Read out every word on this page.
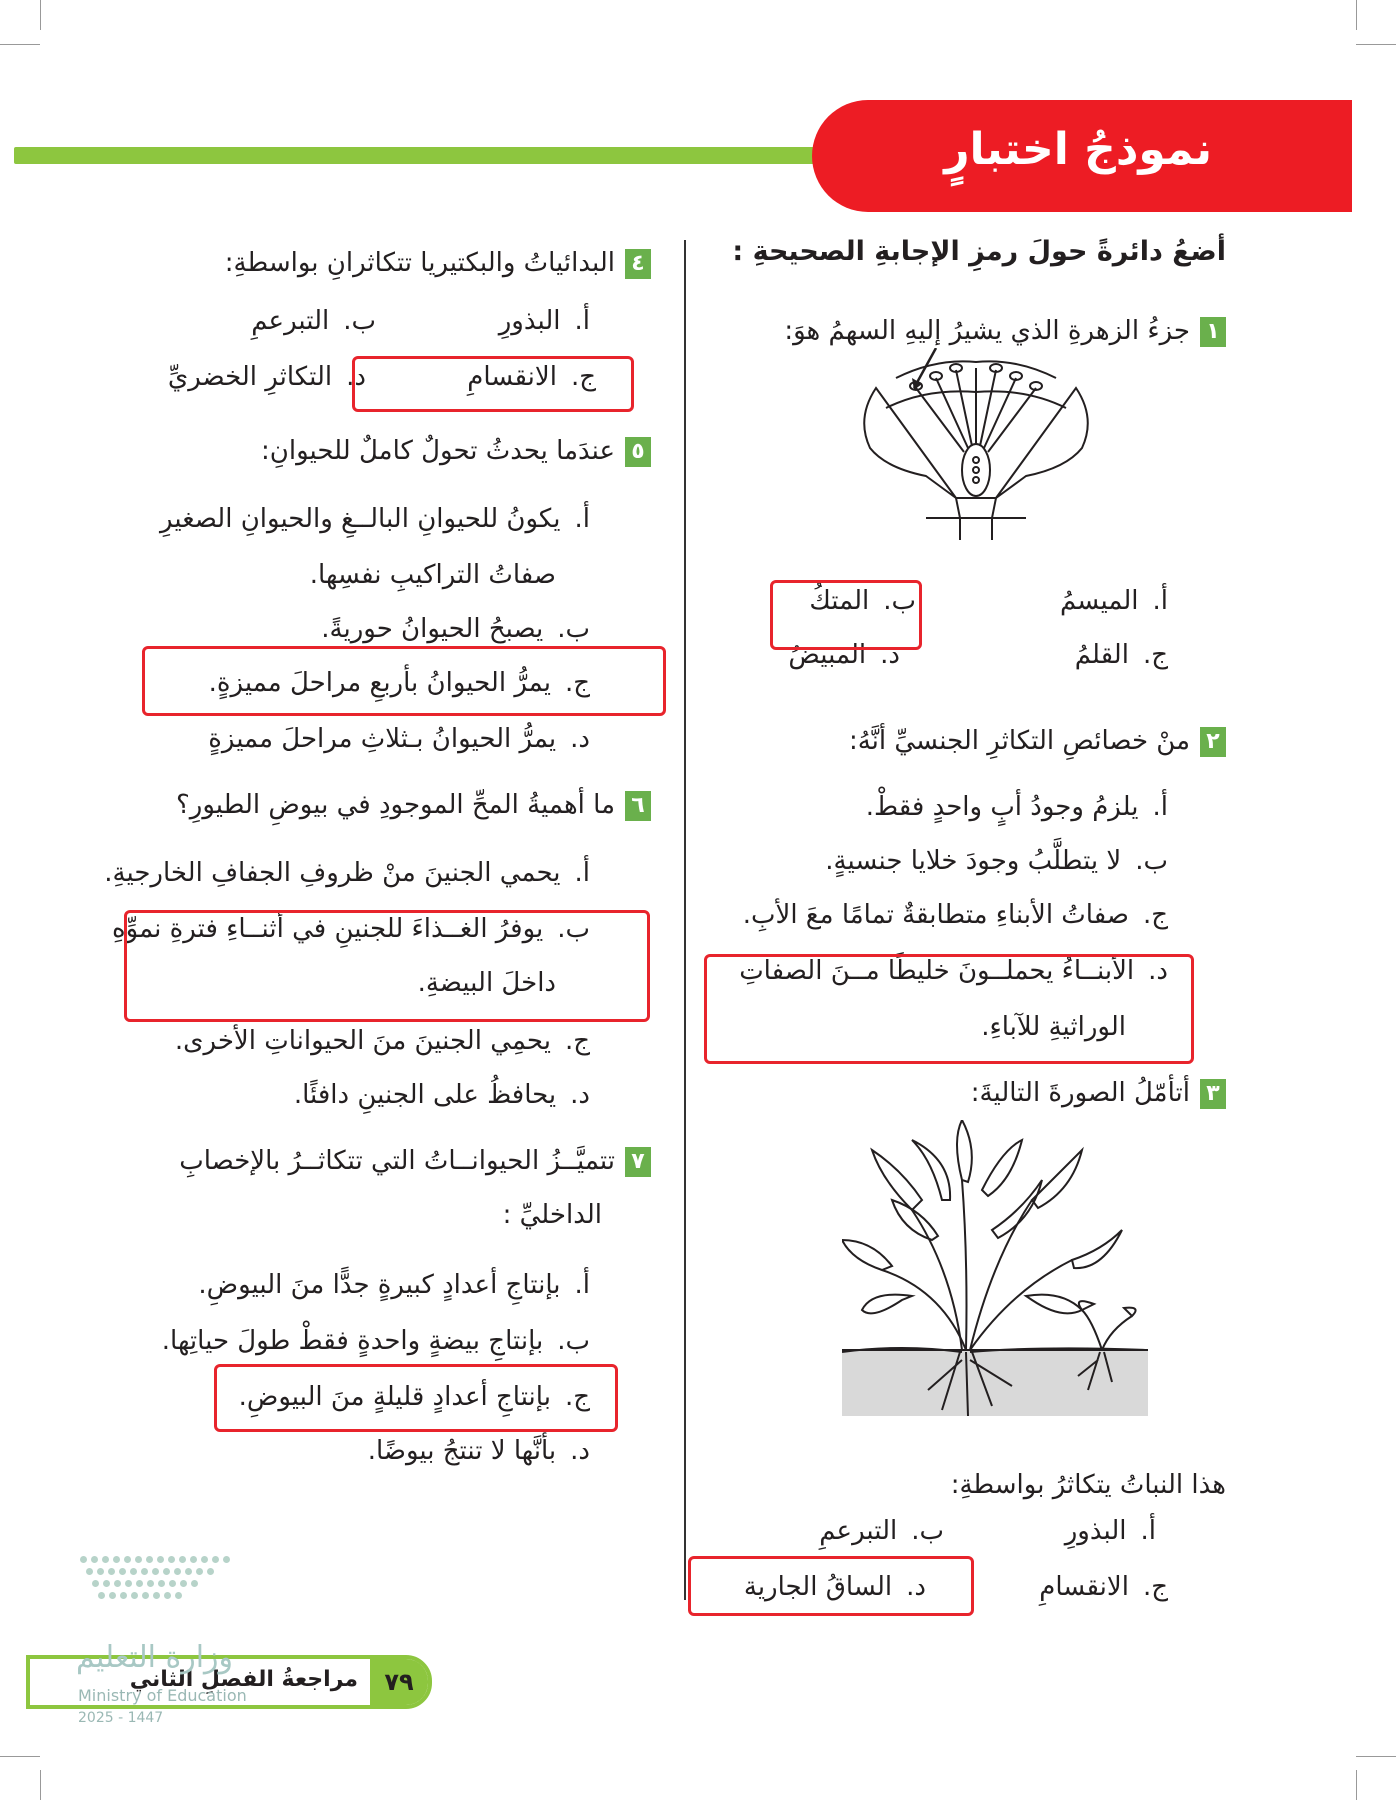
نموذجُ اختبارٍ
أضعُ دائرةً حولَ رمزِ الإجابةِ الصحيحةِ :
١جزءُ الزهرةِ الذي يشيرُ إليهِ السهمُ هوَ:
أ.الميسمُ
ب.المتكُ
ج.القلمُ
د.المبيضُ
٢منْ خصائصِ التكاثرِ الجنسيِّ أنَّهُ:
أ.يلزمُ وجودُ أبٍ واحدٍ فقطْ.
ب.لا يتطلَّبُ وجودَ خلايا جنسيةٍ.
ج.صفاتُ الأبناءِ متطابقةٌ تمامًا معَ الأبِ.
د.الأبنــاءُ يحملــونَ خليطًا مــنَ الصفاتِ
الوراثيةِ للآباءِ.
٣أتأمّلُ الصورةَ التاليةَ:
هذا النباتُ يتكاثرُ بواسطةِ:
أ.البذورِ
ب.التبرعمِ
ج.الانقسامِ
د.الساقُ الجارية
٤البدائياتُ والبكتيريا تتكاثرانِ بواسطةِ:
أ.البذورِ
ب.التبرعمِ
ج.الانقسامِ
د.التكاثرِ الخضريِّ
٥عندَما يحدثُ تحولٌ كاملٌ للحيوانِ:
أ.يكونُ للحيوانِ البالــغِ والحيوانِ الصغيرِ
صفاتُ التراكيبِ نفسِها.
ب.يصبحُ الحيوانُ حوريةً.
ج.يمرُّ الحيوانُ بأربعِ مراحلَ مميزةٍ.
د.يمرُّ الحيوانُ بـثلاثِ مراحلَ مميزةٍ
٦ما أهميةُ المحِّ الموجودِ في بيوضِ الطيورِ؟
أ.يحمي الجنينَ منْ ظروفِ الجفافِ الخارجيةِ.
ب.يوفرُ الغــذاءَ للجنينِ في أثنــاءِ فترةِ نموِّهِ
داخلَ البيضةِ.
ج.يحمِي الجنينَ منَ الحيواناتِ الأخرى.
د.يحافظُ على الجنينِ دافئًا.
٧تتميَّــزُ الحيوانــاتُ التي تتكاثــرُ بالإخصابِ
الداخليِّ :
أ.بإنتاجِ أعدادٍ كبيرةٍ جدًّا منَ البيوضِ.
ب.بإنتاجِ بيضةٍ واحدةٍ فقطْ طولَ حياتِها.
ج.بإنتاجِ أعدادٍ قليلةٍ منَ البيوضِ.
د.بأنَّها لا تنتجُ بيوضًا.
٧٩
مراجعةُ الفصلِ الثاني
وزارة التعليم
Ministry of Education
2025 - 1447
